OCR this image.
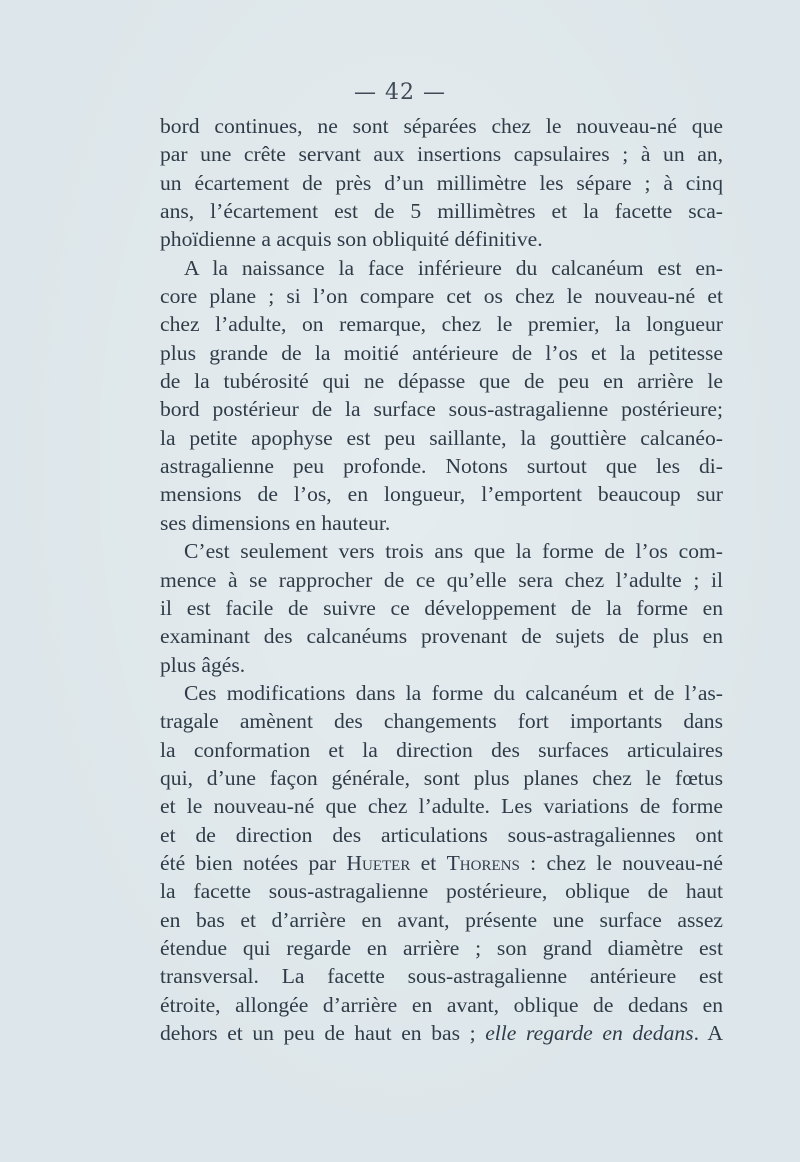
— 42 —
bord continues, ne sont séparées chez le nouveau-né que
par une crête servant aux insertions capsulaires ; à un an,
un écartement de près d’un millimètre les sépare ; à cinq
ans, l’écartement est de 5 millimètres et la facette sca-
phoïdienne a acquis son obliquité définitive.
A la naissance la face inférieure du calcanéum est en-
core plane ; si l’on compare cet os chez le nouveau-né et
chez l’adulte, on remarque, chez le premier, la longueur
plus grande de la moitié antérieure de l’os et la petitesse
de la tubérosité qui ne dépasse que de peu en arrière le
bord postérieur de la surface sous-astragalienne postérieure;
la petite apophyse est peu saillante, la gouttière calcanéo-
astragalienne peu profonde. Notons surtout que les di-
mensions de l’os, en longueur, l’emportent beaucoup sur
ses dimensions en hauteur.
C’est seulement vers trois ans que la forme de l’os com-
mence à se rapprocher de ce qu’elle sera chez l’adulte ; il
il est facile de suivre ce développement de la forme en
examinant des calcanéums provenant de sujets de plus en
plus âgés.
Ces modifications dans la forme du calcanéum et de l’as-
tragale amènent des changements fort importants dans
la conformation et la direction des surfaces articulaires
qui, d’une façon générale, sont plus planes chez le fœtus
et le nouveau-né que chez l’adulte. Les variations de forme
et de direction des articulations sous-astragaliennes ont
été bien notées par Hueter et Thorens : chez le nouveau-né
la facette sous-astragalienne postérieure, oblique de haut
en bas et d’arrière en avant, présente une surface assez
étendue qui regarde en arrière ; son grand diamètre est
transversal. La facette sous-astragalienne antérieure est
étroite, allongée d’arrière en avant, oblique de dedans en
dehors et un peu de haut en bas ; elle regarde en dedans. A
